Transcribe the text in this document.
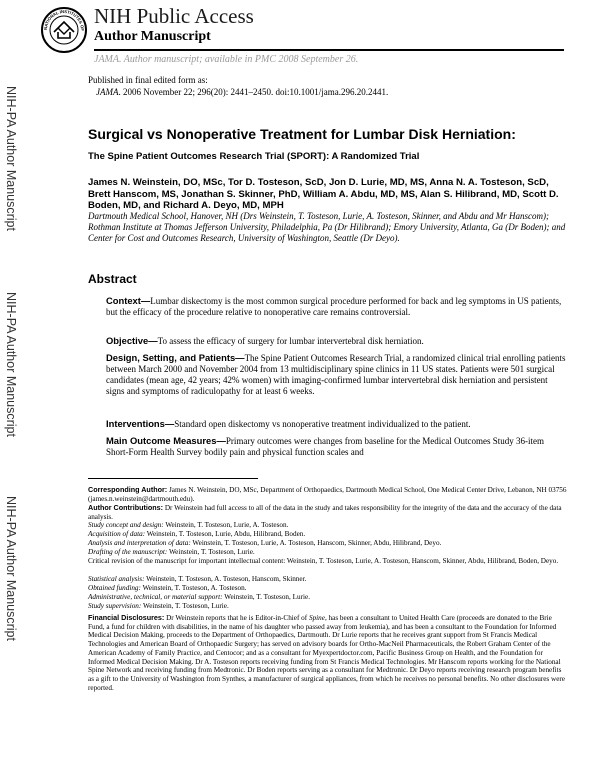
NATIONAL INSTITUTES OF
NIH Public Access
Author Manuscript
JAMA. Author manuscript; available in PMC 2008 September 26.
NIH-PA Author Manuscript
NIH-PA Author Manuscript
NIH-PA Author Manuscript
Published in final edited form as:
JAMA. 2006 November 22; 296(20): 2441–2450. doi:10.1001/jama.296.20.2441.
Surgical vs Nonoperative Treatment for Lumbar Disk Herniation:
The Spine Patient Outcomes Research Trial (SPORT): A Randomized Trial
James N. Weinstein, DO, MSc, Tor D. Tosteson, ScD, Jon D. Lurie, MD, MS, Anna N. A. Tosteson, ScD, Brett Hanscom, MS, Jonathan S. Skinner, PhD, William A. Abdu, MD, MS, Alan S. Hilibrand, MD, Scott D. Boden, MD, and Richard A. Deyo, MD, MPH
Dartmouth Medical School, Hanover, NH (Drs Weinstein, T. Tosteson, Lurie, A. Tosteson, Skinner, and Abdu and Mr Hanscom); Rothman Institute at Thomas Jefferson University, Philadelphia, Pa (Dr Hilibrand); Emory University, Atlanta, Ga (Dr Boden); and Center for Cost and Outcomes Research, University of Washington, Seattle (Dr Deyo).
Abstract
Context—Lumbar diskectomy is the most common surgical procedure performed for back and leg symptoms in US patients, but the efficacy of the procedure relative to nonoperative care remains controversial.
Objective—To assess the efficacy of surgery for lumbar intervertebral disk herniation.
Design, Setting, and Patients—The Spine Patient Outcomes Research Trial, a randomized clinical trial enrolling patients between March 2000 and November 2004 from 13 multidisciplinary spine clinics in 11 US states. Patients were 501 surgical candidates (mean age, 42 years; 42% women) with imaging-confirmed lumbar intervertebral disk herniation and persistent signs and symptoms of radiculopathy for at least 6 weeks.
Interventions—Standard open diskectomy vs nonoperative treatment individualized to the patient.
Main Outcome Measures—Primary outcomes were changes from baseline for the Medical Outcomes Study 36-item Short-Form Health Survey bodily pain and physical function scales and
Corresponding Author: James N. Weinstein, DO, MSc, Department of Orthopaedics, Dartmouth Medical School, One Medical Center Drive, Lebanon, NH 03756 (james.n.weinstein@dartmouth.edu).
Author Contributions: Dr Weinstein had full access to all of the data in the study and takes responsibility for the integrity of the data and the accuracy of the data analysis.
Study concept and design: Weinstein, T. Tosteson, Lurie, A. Tosteson.
Acquisition of data: Weinstein, T. Tosteson, Lurie, Abdu, Hilibrand, Boden.
Analysis and interpretation of data: Weinstein, T. Tosteson, Lurie, A. Tosteson, Hanscom, Skinner, Abdu, Hilibrand, Deyo.
Drafting of the manuscript: Weinstein, T. Tosteson, Lurie.
Critical revision of the manuscript for important intellectual content: Weinstein, T. Tosteson, Lurie, A. Tosteson, Hanscom, Skinner, Abdu, Hilibrand, Boden, Deyo.
Statistical analysis: Weinstein, T. Tosteson, A. Tosteson, Hanscom, Skinner.
Obtained funding: Weinstein, T. Tosteson, A. Tosteson.
Administrative, technical, or material support: Weinstein, T. Tosteson, Lurie.
Study supervision: Weinstein, T. Tosteson, Lurie.
Financial Disclosures: Dr Weinstein reports that he is Editor-in-Chief of Spine, has been a consultant to United Health Care (proceeds are donated to the Brie Fund, a fund for children with disabilities, in the name of his daughter who passed away from leukemia), and has been a consultant to the Foundation for Informed Medical Decision Making, proceeds to the Department of Orthopaedics, Dartmouth. Dr Lurie reports that he receives grant support from St Francis Medical Technologies and American Board of Orthopaedic Surgery; has served on advisory boards for Ortho-MacNeil Pharmaceuticals, the Robert Graham Center of the American Academy of Family Practice, and Centocor; and as a consultant for Myexpertdoctor.com, Pacific Business Group on Health, and the Foundation for Informed Medical Decision Making. Dr A. Tosteson reports receiving funding from St Francis Medical Technologies. Mr Hanscom reports working for the National Spine Network and receiving funding from Medtronic. Dr Boden reports serving as a consultant for Medtronic. Dr Deyo reports receiving research program benefits as a gift to the University of Washington from Synthes, a manufacturer of surgical appliances, from which he receives no personal benefits. No other disclosures were reported.
